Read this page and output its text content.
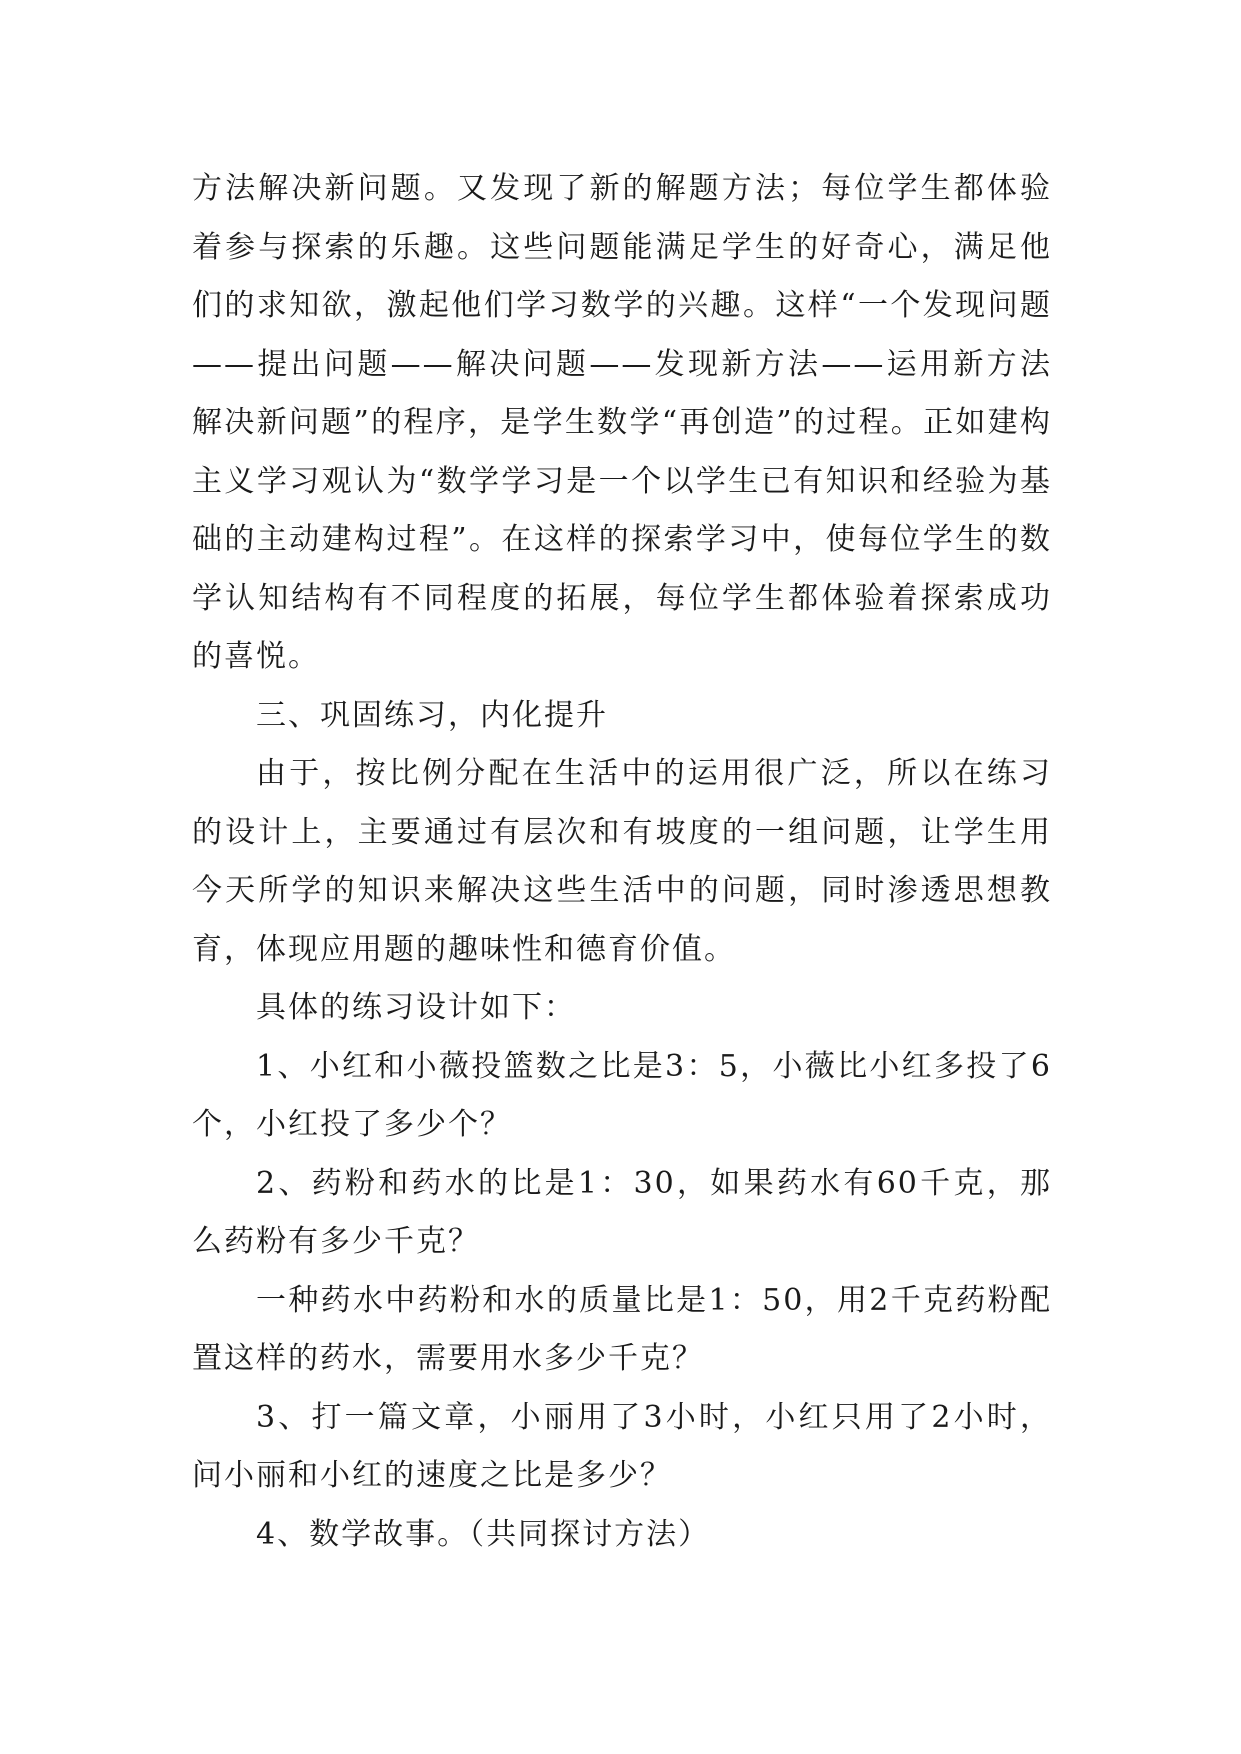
方法解决新问题。又发现了新的解题方法；每位学生都体验着参与探索的乐趣。这些问题能满足学生的好奇心，满足他们的求知欲，激起他们学习数学的兴趣。这样“一个发现问题——提出问题——解决问题——发现新方法——运用新方法解决新问题”的程序，是学生数学“再创造”的过程。正如建构主义学习观认为“数学学习是一个以学生已有知识和经验为基础的主动建构过程”。在这样的探索学习中，使每位学生的数学认知结构有不同程度的拓展，每位学生都体验着探索成功的喜悦。

三、巩固练习，内化提升

由于，按比例分配在生活中的运用很广泛，所以在练习的设计上，主要通过有层次和有坡度的一组问题，让学生用今天所学的知识来解决这些生活中的问题，同时渗透思想教育，体现应用题的趣味性和德育价值。

具体的练习设计如下：

1、小红和小薇投篮数之比是3：5，小薇比小红多投了6个，小红投了多少个？

2、药粉和药水的比是1：30，如果药水有60千克，那么药粉有多少千克？

一种药水中药粉和水的质量比是1：50，用2千克药粉配置这样的药水，需要用水多少千克？

3、打一篇文章，小丽用了3小时，小红只用了2小时，问小丽和小红的速度之比是多少？

4、数学故事。（共同探讨方法）
